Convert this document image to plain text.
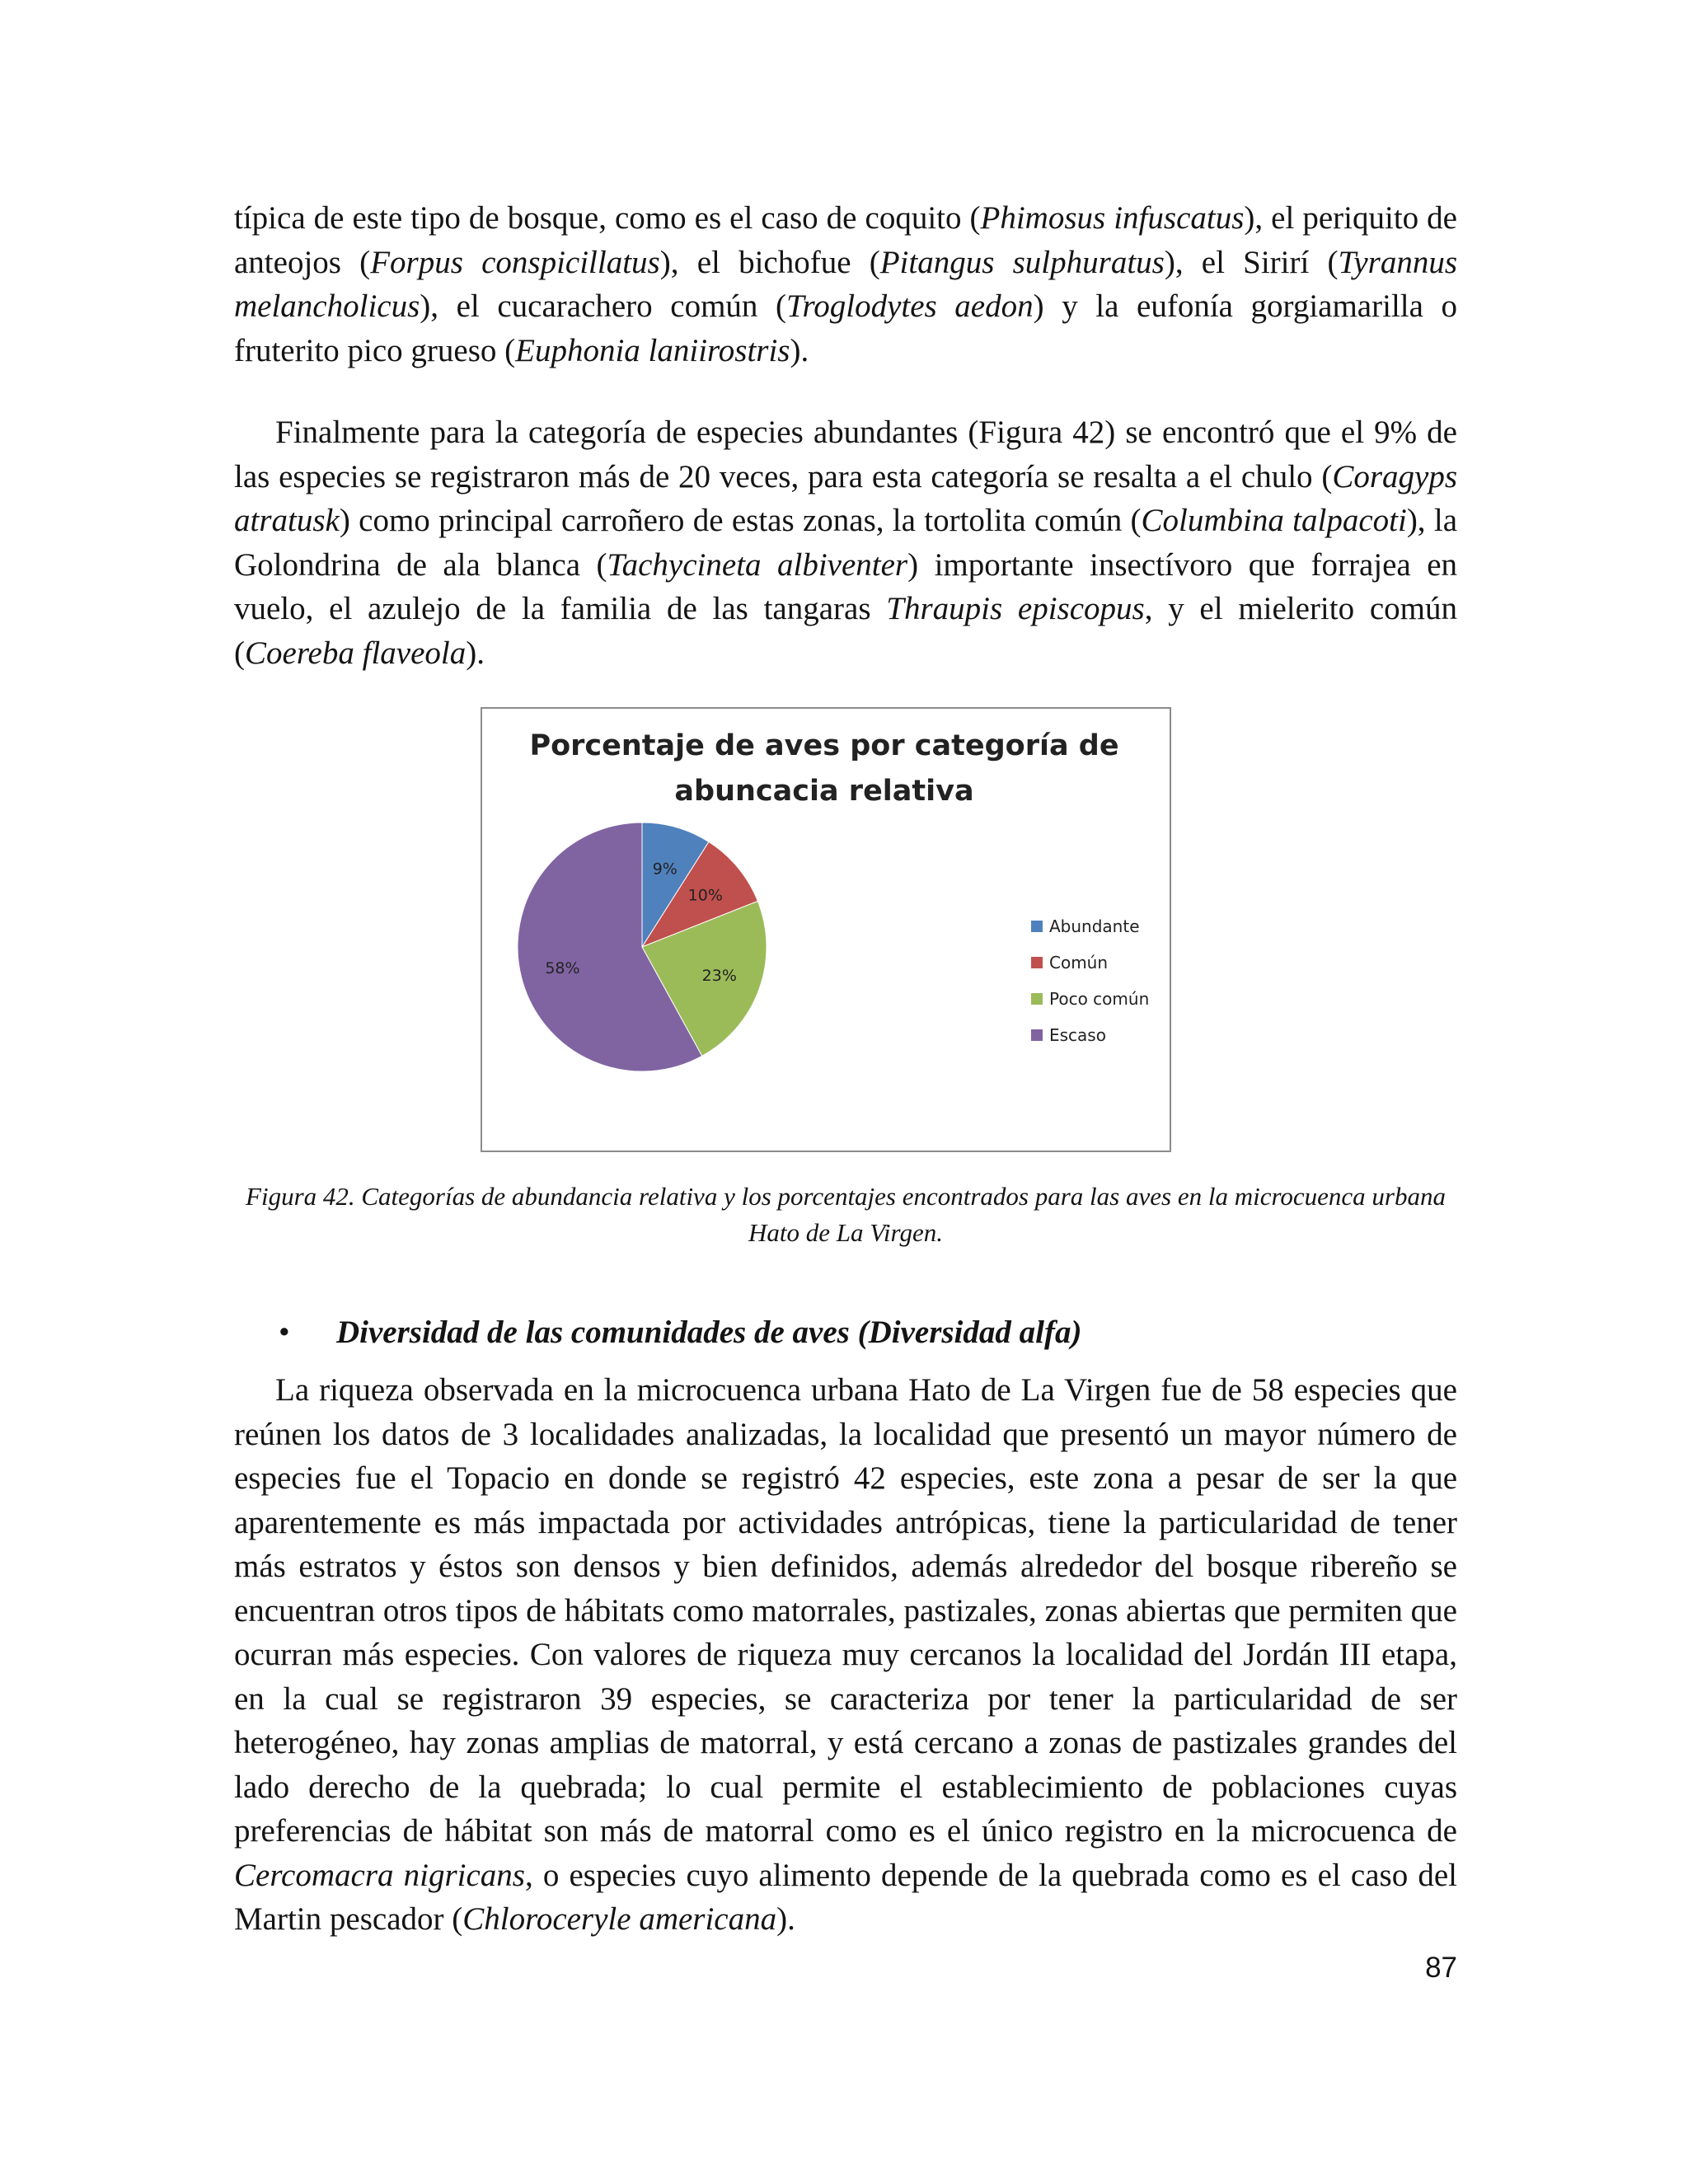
típica de este tipo de bosque, como es el caso de coquito (Phimosus infuscatus), el periquito de anteojos (Forpus conspicillatus), el bichofue (Pitangus sulphuratus), el Sirirí (Tyrannus melancholicus), el cucarachero común (Troglodytes aedon) y la eufonía gorgiamarilla o fruterito pico grueso (Euphonia laniirostris).

Finalmente para la categoría de especies abundantes (Figura 42) se encontró que el 9% de las especies se registraron más de 20 veces, para esta categoría se resalta a el chulo (Coragyps atratusk) como principal carroñero de estas zonas, la tortolita común (Columbina talpacoti), la Golondrina de ala blanca (Tachycineta albiventer) importante insectívoro que forrajea en vuelo, el azulejo de la familia de las tangaras Thraupis episcopus, y el mielerito común (Coereba flaveola).

Porcentaje de aves por categoría de
abuncacia relativa
9%
10%
23%
58%
Abundante
Común
Poco común
Escaso

Figura 42. Categorías de abundancia relativa y los porcentajes encontrados para las aves en la microcuenca urbana Hato de La Virgen.

• Diversidad de las comunidades de aves (Diversidad alfa)

La riqueza observada en la microcuenca urbana Hato de La Virgen fue de 58 especies que reúnen los datos de 3 localidades analizadas, la localidad que presentó un mayor número de especies fue el Topacio en donde se registró 42 especies, este zona a pesar de ser la que aparentemente es más impactada por actividades antrópicas, tiene la particularidad de tener más estratos y éstos son densos y bien definidos, además alrededor del bosque ribereño se encuentran otros tipos de hábitats como matorrales, pastizales, zonas abiertas que permiten que ocurran más especies. Con valores de riqueza muy cercanos la localidad del Jordán III etapa, en la cual se registraron 39 especies, se caracteriza por tener la particularidad de ser heterogéneo, hay zonas amplias de matorral, y está cercano a zonas de pastizales grandes del lado derecho de la quebrada; lo cual permite el establecimiento de poblaciones cuyas preferencias de hábitat son más de matorral como es el único registro en la microcuenca de Cercomacra nigricans, o especies cuyo alimento depende de la quebrada como es el caso del Martin pescador (Chloroceryle americana).

87
